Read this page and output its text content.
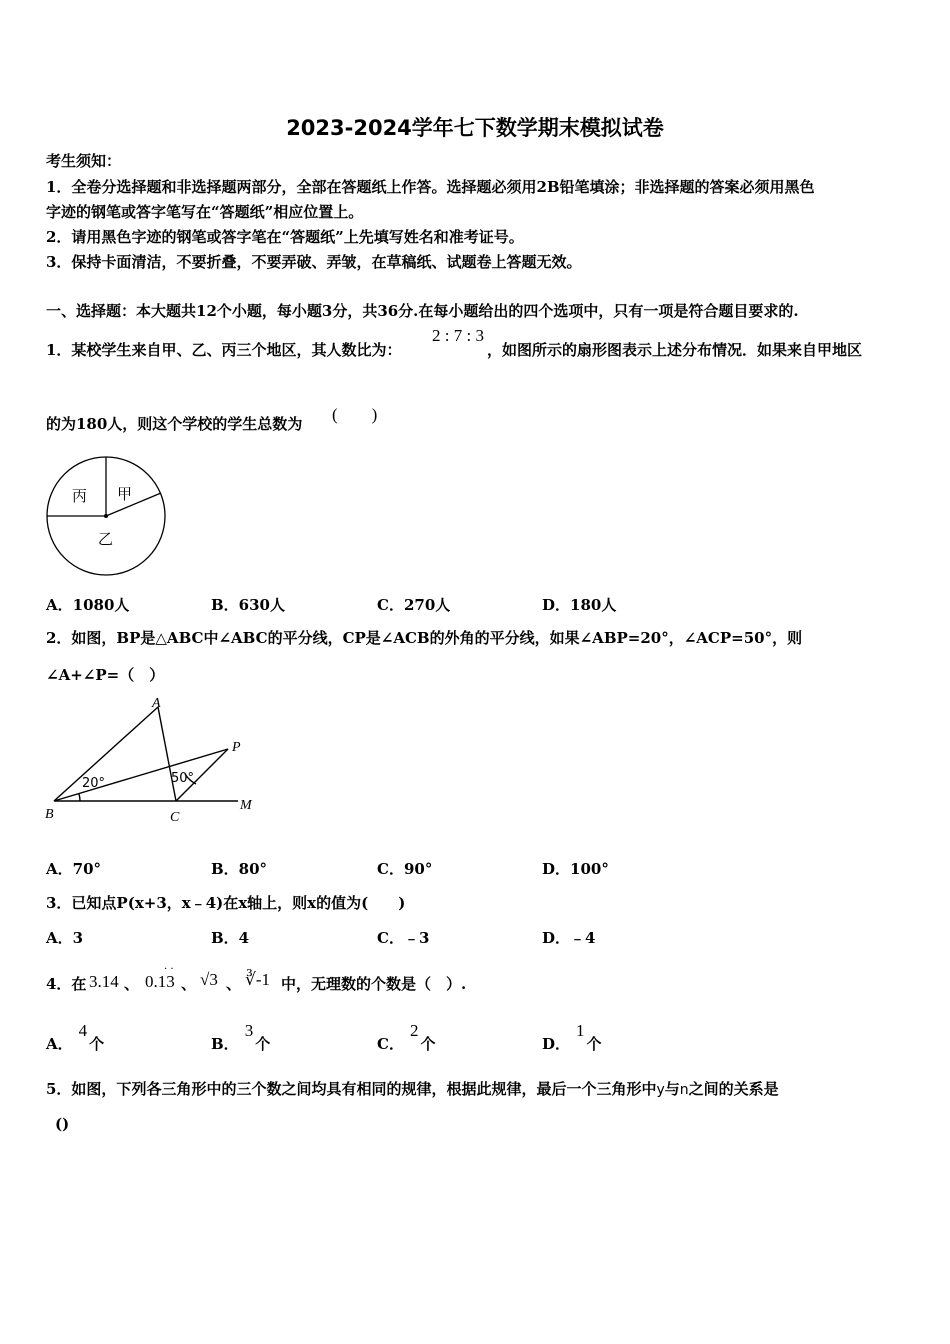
2023-2024学年七下数学期末模拟试卷
考生须知：
1．全卷分选择题和非选择题两部分，全部在答题纸上作答。选择题必须用2B铅笔填涂；非选择题的答案必须用黑色
字迹的钢笔或答字笔写在“答题纸”相应位置上。
2．请用黑色字迹的钢笔或答字笔在“答题纸”上先填写姓名和准考证号。
3．保持卡面清洁，不要折叠，不要弄破、弄皱，在草稿纸、试题卷上答题无效。
一、选择题：本大题共12个小题，每小题3分，共36分.在每小题给出的四个选项中，只有一项是符合题目要求的.
1．某校学生来自甲、乙、丙三个地区，其人数比为：
2 : 7 : 3
，如图所示的扇形图表示上述分布情况．如果来自甲地区
的为180人，则这个学校的学生总数为 (　　)
丙 甲
乙
A．1080人	B．630人	C．270人	D．180人
2．如图，BP是△ABC中∠ABC的平分线，CP是∠ACB的外角的平分线，如果∠ABP=20°，∠ACP=50°，则
∠A+∠P=（　）
A
B	C
P
M
20°	50°
A．70°	B．80°	C．90°	D．100°
3．已知点P(x+3，x﹣4)在x轴上，则x的值为(　　)
A．3	B．4	C．﹣3	D．﹣4
4．在 3.14 、 0.13
· ·
、 √3 、 ∛-1 中，无理数的个数是（　）.
A．4个	B．3个	C．2个	D．1个
5．如图，下列各三角形中的三个数之间均具有相同的规律，根据此规律，最后一个三角形中y与n之间的关系是
()
